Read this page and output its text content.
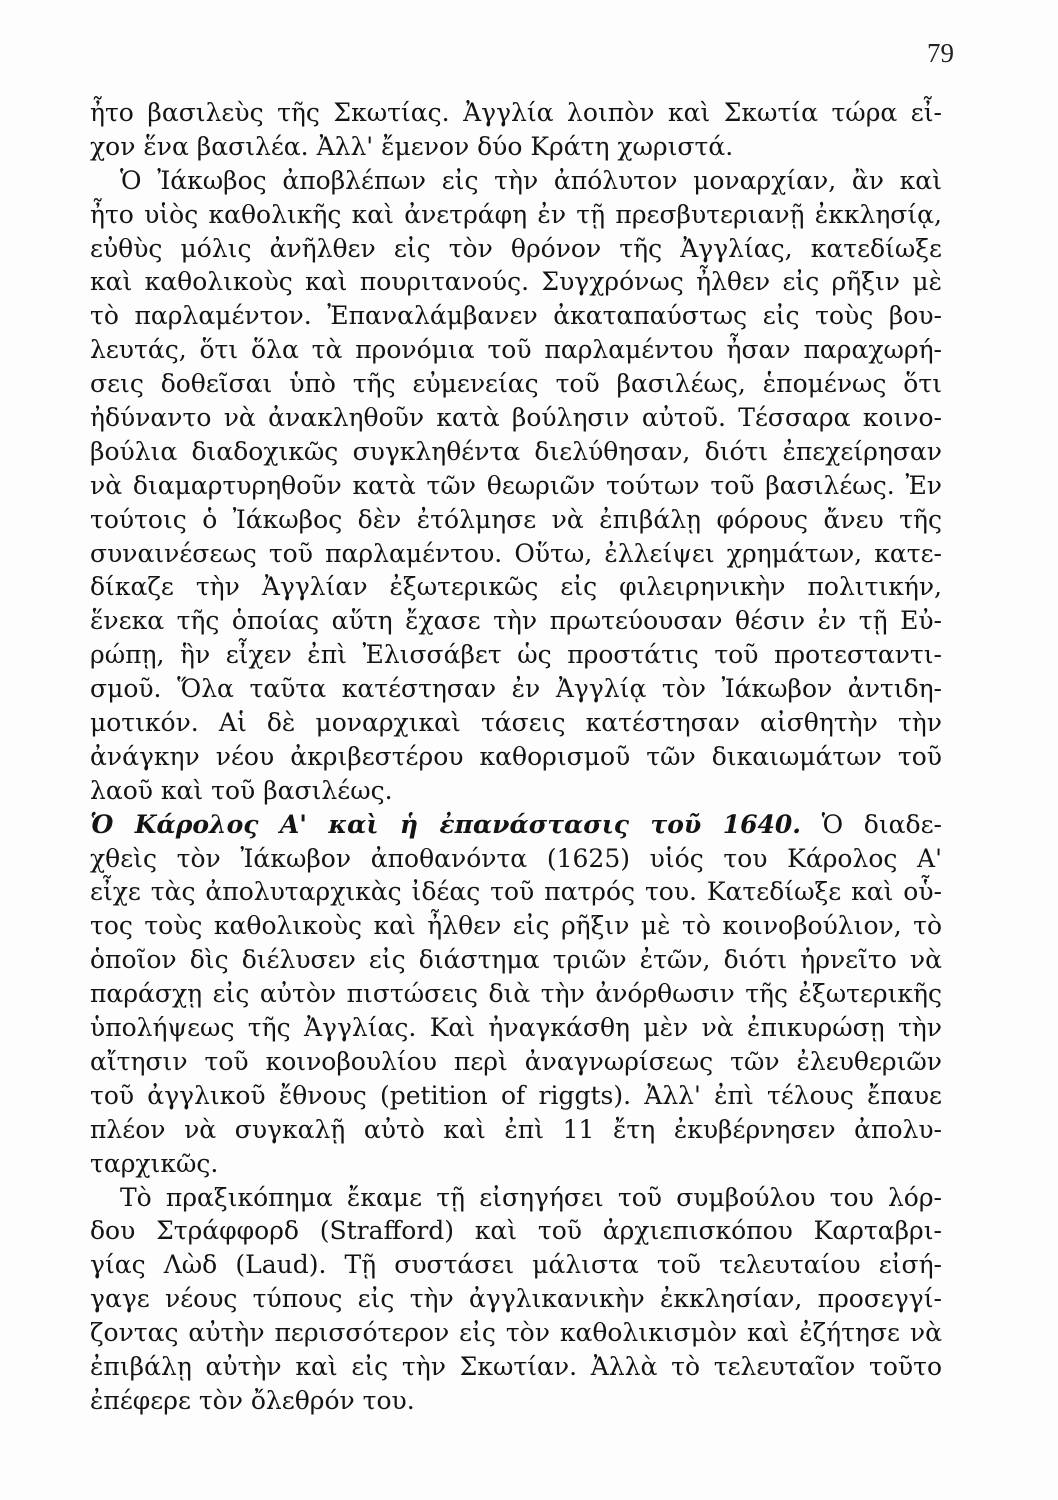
79
ἦτο βασιλεὺς τῆς Σκωτίας. Ἀγγλία λοιπὸν καὶ Σκωτία τώρα εἶ-
χον ἕνα βασιλέα. Ἀλλ' ἔμενον δύο Κράτη χωριστά.
Ὁ Ἰάκωβος ἀποβλέπων εἰς τὴν ἀπόλυτον μοναρχίαν, ἂν καὶ
ἦτο υἱὸς καθολικῆς καὶ ἀνετράφη ἐν τῇ πρεσβυτεριανῇ ἐκκλησίᾳ,
εὐθὺς μόλις ἀνῆλθεν εἰς τὸν θρόνον τῆς Ἀγγλίας, κατεδίωξε
καὶ καθολικοὺς καὶ πουριτανούς. Συγχρόνως ἦλθεν εἰς ρῆξιν μὲ
τὸ παρλαμέντον. Ἐπαναλάμβανεν ἀκαταπαύστως εἰς τοὺς βου-
λευτάς, ὅτι ὅλα τὰ προνόμια τοῦ παρλαμέντου ἦσαν παραχωρή-
σεις δοθεῖσαι ὑπὸ τῆς εὐμενείας τοῦ βασιλέως, ἑπομένως ὅτι
ἠδύναντο νὰ ἀνακληθοῦν κατὰ βούλησιν αὐτοῦ. Τέσσαρα κοινο-
βούλια διαδοχικῶς συγκληθέντα διελύθησαν, διότι ἐπεχείρησαν
νὰ διαμαρτυρηθοῦν κατὰ τῶν θεωριῶν τούτων τοῦ βασιλέως. Ἐν
τούτοις ὁ Ἰάκωβος δὲν ἐτόλμησε νὰ ἐπιβάλῃ φόρους ἄνευ τῆς
συναινέσεως τοῦ παρλαμέντου. Οὕτω, ἐλλείψει χρημάτων, κατε-
δίκαζε τὴν Ἀγγλίαν ἐξωτερικῶς εἰς φιλειρηνικὴν πολιτικήν,
ἕνεκα τῆς ὁποίας αὕτη ἔχασε τὴν πρωτεύουσαν θέσιν ἐν τῇ Εὐ-
ρώπῃ, ἣν εἶχεν ἐπὶ Ἐλισσάβετ ὡς προστάτις τοῦ προτεσταντι-
σμοῦ. Ὅλα ταῦτα κατέστησαν ἐν Ἀγγλίᾳ τὸν Ἰάκωβον ἀντιδη-
μοτικόν. Αἱ δὲ μοναρχικαὶ τάσεις κατέστησαν αἰσθητὴν τὴν
ἀνάγκην νέου ἀκριβεστέρου καθορισμοῦ τῶν δικαιωμάτων τοῦ
λαοῦ καὶ τοῦ βασιλέως.
Ὁ Κάρολος Α' καὶ ἡ ἐπανάστασις τοῦ 1640. Ὁ διαδε-
χθεὶς τὸν Ἰάκωβον ἀποθανόντα (1625) υἱός του Κάρολος Α'
εἶχε τὰς ἀπολυταρχικὰς ἰδέας τοῦ πατρός του. Κατεδίωξε καὶ οὗ-
τος τοὺς καθολικοὺς καὶ ἦλθεν εἰς ρῆξιν μὲ τὸ κοινοβούλιον, τὸ
ὁποῖον δὶς διέλυσεν εἰς διάστημα τριῶν ἐτῶν, διότι ἠρνεῖτο νὰ
παράσχῃ εἰς αὐτὸν πιστώσεις διὰ τὴν ἀνόρθωσιν τῆς ἐξωτερικῆς
ὑπολήψεως τῆς Ἀγγλίας. Καὶ ἠναγκάσθη μὲν νὰ ἐπικυρώσῃ τὴν
αἴτησιν τοῦ κοινοβουλίου περὶ ἀναγνωρίσεως τῶν ἐλευθεριῶν
τοῦ ἀγγλικοῦ ἔθνους (petition of riggts). Ἀλλ' ἐπὶ τέλους ἔπαυε
πλέον νὰ συγκαλῇ αὐτὸ καὶ ἐπὶ 11 ἔτη ἐκυβέρνησεν ἀπολυ-
ταρχικῶς.
Τὸ πραξικόπημα ἔκαμε τῇ εἰσηγήσει τοῦ συμβούλου του λόρ-
δου Στράφφορδ (Strafford) καὶ τοῦ ἀρχιεπισκόπου Καρταβρι-
γίας Λὼδ (Laud). Τῇ συστάσει μάλιστα τοῦ τελευταίου εἰσή-
γαγε νέους τύπους εἰς τὴν ἀγγλικανικὴν ἐκκλησίαν, προσεγγί-
ζοντας αὐτὴν περισσότερον εἰς τὸν καθολικισμὸν καὶ ἐζήτησε νὰ
ἐπιβάλῃ αὐτὴν καὶ εἰς τὴν Σκωτίαν. Ἀλλὰ τὸ τελευταῖον τοῦτο
ἐπέφερε τὸν ὄλεθρόν του.
